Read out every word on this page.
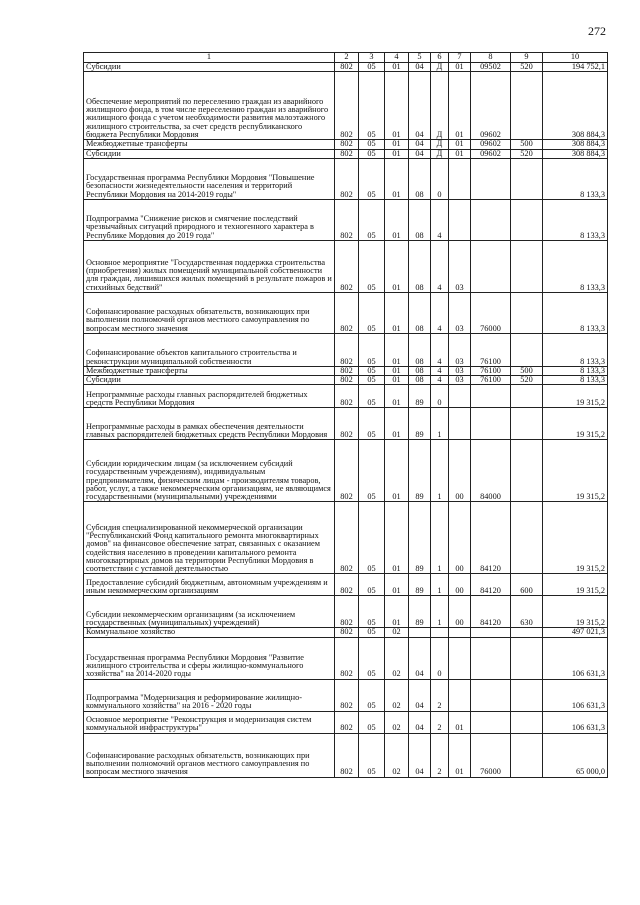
272
1	2	3	4	5	6	7	8	9	10
Субсидии	802	05	01	04	Д	01	09502	520	194 752,1
Обеспечение мероприятий по переселению граждан из аварийного жилищного фонда, в том числе переселению граждан из аварийного жилищного фонда с учетом необходимости развития малоэтажного жилищного строительства, за счет средств республиканского бюджета Республики Мордовия	802	05	01	04	Д	01	09602		308 884,3
Межбюджетные трансферты	802	05	01	04	Д	01	09602	500	308 884,3
Субсидии	802	05	01	04	Д	01	09602	520	308 884,3
Государственная программа Республики Мордовия "Повышение безопасности жизнедеятельности населения и территорий Республики Мордовия на 2014-2019 годы"	802	05	01	08	0				8 133,3
Подпрограмма "Снижение рисков и смягчение последствий чрезвычайных ситуаций природного и техногенного характера в Республике Мордовия до 2019 года"	802	05	01	08	4				8 133,3
Основное мероприятие "Государственная поддержка строительства (приобретения) жилых помещений муниципальной собственности для граждан, лишившихся жилых помещений в результате пожаров и стихийных бедствий"	802	05	01	08	4	03			8 133,3
Софинансирование расходных обязательств, возникающих при выполнении полномочий органов местного самоуправления по вопросам местного значения	802	05	01	08	4	03	76000		8 133,3
Софинансирование объектов капитального строительства и реконструкции муниципальной собственности	802	05	01	08	4	03	76100		8 133,3
Межбюджетные трансферты	802	05	01	08	4	03	76100	500	8 133,3
Субсидии	802	05	01	08	4	03	76100	520	8 133,3
Непрограммные расходы главных распорядителей бюджетных средств Республики Мордовия	802	05	01	89	0				19 315,2
Непрограммные расходы в рамках обеспечения деятельности главных распорядителей бюджетных средств Республики Мордовия	802	05	01	89	1				19 315,2
Субсидии юридическим лицам (за исключением субсидий государственным учреждениям), индивидуальным предпринимателям, физическим лицам - производителям товаров, работ, услуг, а также некоммерческим организациям, не являющимся государственными (муниципальными) учреждениями	802	05	01	89	1	00	84000		19 315,2
Субсидия специализированной некоммерческой организации "Республиканский Фонд капитального ремонта многоквартирных домов" на финансовое обеспечение затрат, связанных с оказанием содействия населению в проведении капитального ремонта многоквартирных домов на территории Республики Мордовия в соответствии с уставной деятельностью	802	05	01	89	1	00	84120		19 315,2
Предоставление субсидий бюджетным, автономным учреждениям и иным некоммерческим организациям	802	05	01	89	1	00	84120	600	19 315,2
Субсидии некоммерческим организациям (за исключением государственных (муниципальных) учреждений)	802	05	01	89	1	00	84120	630	19 315,2
Коммунальное хозяйство	802	05	02						497 021,3
Государственная программа Республики Мордовия "Развитие жилищного строительства и сферы жилищно-коммунального хозяйства" на 2014-2020 годы	802	05	02	04	0				106 631,3
Подпрограмма "Модернизация и реформирование жилищно-коммунального хозяйства" на 2016 - 2020 годы	802	05	02	04	2				106 631,3
Основное мероприятие "Реконструкция и модернизация систем коммунальной инфраструктуры"	802	05	02	04	2	01			106 631,3
Софинансирование расходных обязательств, возникающих при выполнении полномочий органов местного самоуправления по вопросам местного значения	802	05	02	04	2	01	76000		65 000,0
